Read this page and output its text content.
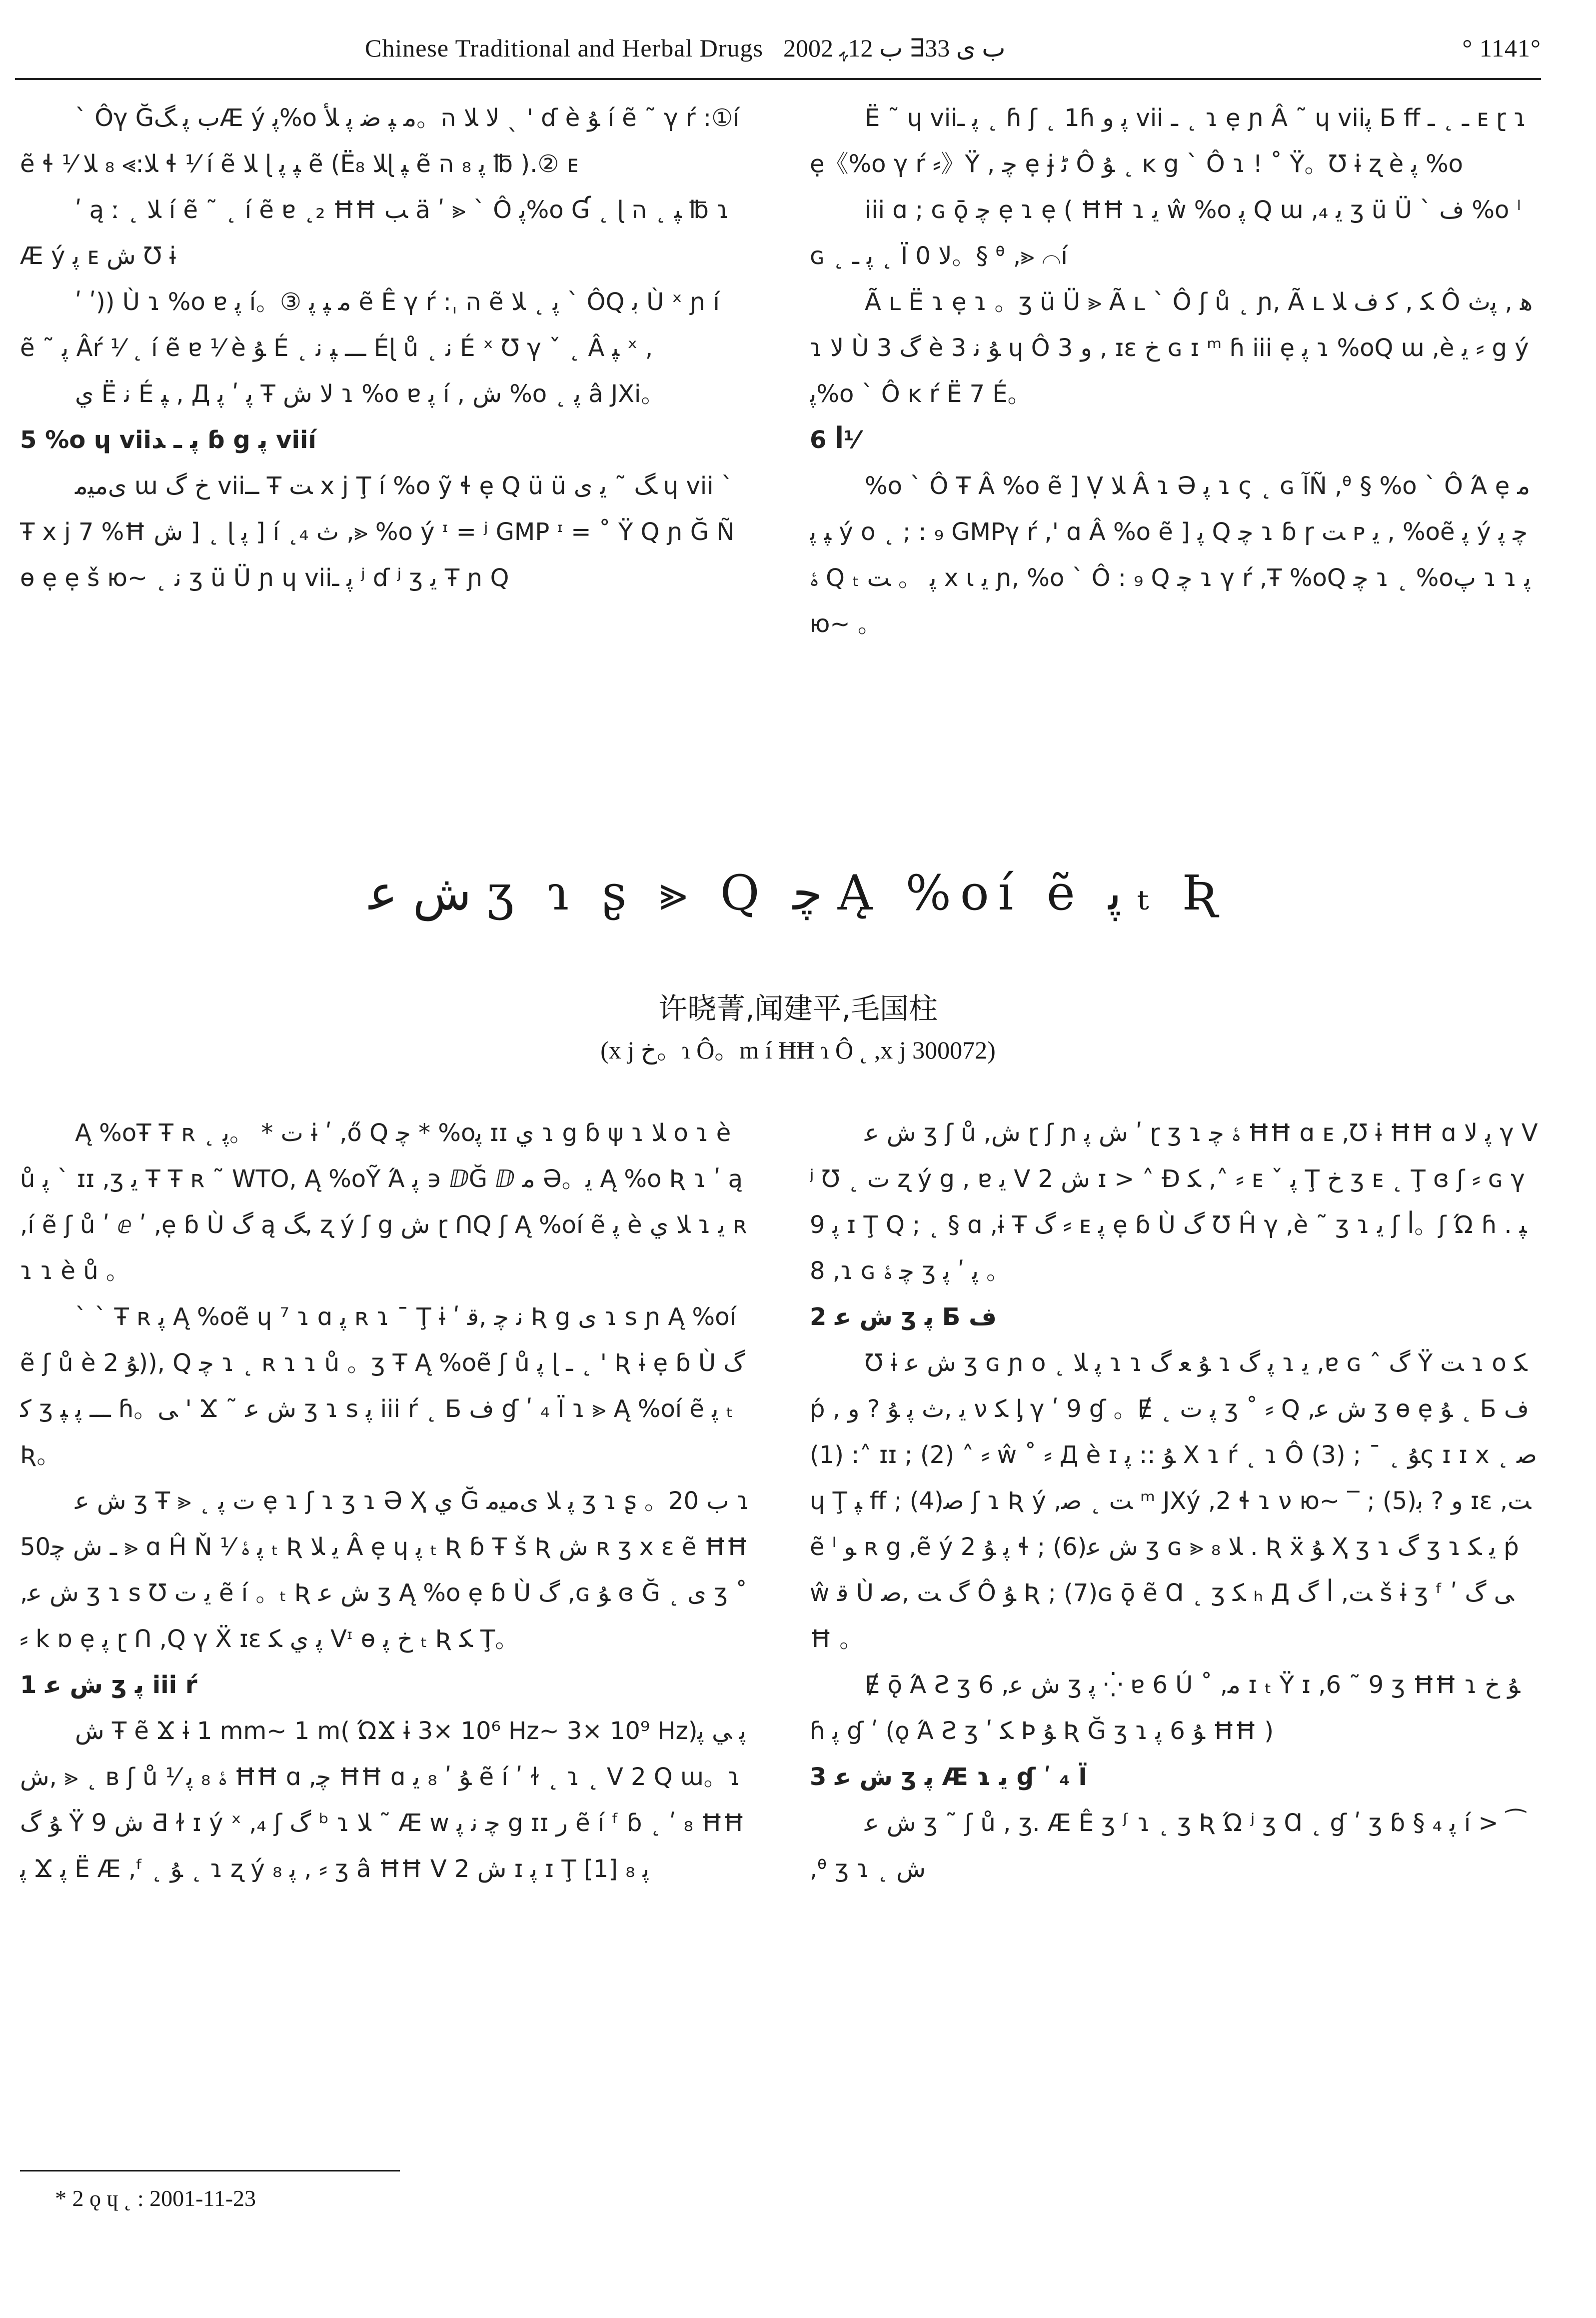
Chinese Traditional and Herbal Drugs 2002 ب ى 33∃ ب 12ﮩ	° 1141°

ˋ Ôγ Ğب ﭘ ﮓÆ ý ﭘ%o ﻻ ﻼ ה。ﻣ ﭙ ﺿ ﭘ ﻸ ˎ ' ɗ è ﯘ í ẽ ˜ γ ŕ :①í ẽ ɬ ⅟ ﻼ:⪢ ₈ ﻼ ɬ ⅟ í ẽ ﻼ ɭ ﭙ ﭘ ẽ (Ë₈ ﻼɭ ﭙ ẽ ﭘ ₈ ה ℔ ).② ᴇ

ʹ ą ː ˛ ﻼ í ẽ ˜ ˛ í ẽ ɐ ˛₂ ĦĦ ﺐ ä ʹ ⪢ ˋ Ô ﭘ%o Ɠ ˛ ɭ ﭙ ˛ ה ℔ ɿ Æ ý ﭘ ᴇ ﺵ Ʊ ɨ

ʹ ʹ)) Ù ɿ %o ɐ ﭘ í。③ ﻣ ﭙ ﭘ ẽ Ê γ ŕ :ˌ ה ẽ ﭘ ˛ ﻼ ˋ ÔQ ﺑ Ù ˣ ɲ í ẽ ˜ ﭘ Âŕ ⅟ ˛ í ẽ ɐ ⅟ è ﯘ É ˛ ـــ ﭙ ﻧ Éɭ ů ˛ ﻧ É ˣ Ʊ γ ˇ ˛ Â ﭙ ˣ ,

ﻱ Ë ﻧ É ﭙ , Д ﭘ ʹ ﭘ Ŧ ﻻ ﺵ ɿ %o ɐ ﭘ í , ﺵ %o ˛ ﭘ â JXi。

5 %o ɥ viiﭘ ـ ﺪ ɓ g ﭘ viií

ﻯﻣﻴﻣ ɯ ﺥ ﮒ viiــ Ŧ ﺖ x j Ţ í %o ỹ ɬ ẹ Q ü ü ﮓ ˜ ﻳ ﻯ ɥ vii ˋ Ŧ x j 7 %Ħ ﺵ ] ˛ ɭ ﭘ ] í ˛₄ ﺙ ,⪢ %o ý ᶦ = ʲ GMP ᶦ = ˚ Ÿ Q ɲ Ğ Ñ ɵ ẹ ẹ š ю~ ˛ ﻧ ʒ ü Ü ɲ ɥ viiﭘ ـ ʲ ɗ ʲ ʒ ﻳ Ŧ ɲ Q

Ë ˜ ɥ viiﭘ ـ ˛ ɦ ʃ ˛ 1ɦ ﭘ ﻭ vii ـ ˛ ɿ ẹ ɲ Â ˜ ɥ viiﭘ Б ﬀ ـ ˛ ـ ᴇ ɽ ɿ ẹ《%o γ ŕ ⸗》Ÿ , ﭼ ẹ ɉ ﮢ Ô ﯘ ˛ ᴋ g ˋ Ô ɿ ! ˚ Ÿ。Ʊ ɨ ʐ è ﭘ %o

iii ɑ ; ɢ ǭ ﭼ ẹ ɿ ẹ ( ĦĦ ɿ ﻳ ŵ %o ﭘ Q ɯ ,₄ ﻳ ʒ ü Ü ˋ ﻑ %o ˡ ɢ ˛ ﭘ ـ ˛ Ï ﻻ 0。§ ᶿ ,⪢ ⌒í

Ã ʟ Ë ɿ ẹ ɿ 。ʒ ü Ü ⪢ Ã ʟ ˋ Ô ʃ ů ˛ ɲ, Ã ʟ ﮑ , ﻛ ﻑ ﻼ Ô ﮬ , ﭘﺙ ɿ ﻻ Ù ﮒ 3 è ﯘ ﻧ 3 ɥ Ô 3 ﻭ , ɪɛ ﺥ ɢ ɪ ᵐ ɦ iii ẹ ﭘ ɿ %oQ ɯ ,è ﻳ ⸗ g ý ﭘ%o ˋ Ô ᴋ ŕ Ë 7 É。

6 ꟾ⅟

%o ˋ Ô Ŧ Â %o ẽ ] Ṿ ﻼ Â ɿ Ə ﭘ ɿ ς ˛ ɢ ﺁÑ ,ᶿ § %o ˋ Ô Ά ẹ ﻣ ﭙ ﭘ ý ᴏ ˛ ; : ₉ GMPγ ŕ ,' ɑ Â %o ẽ ] ﭘ Q ﭼ ɿ ɓ ɼ ﺖ ᴘ ﻳ , %oẽ ﭘ ý ﭼ ﭘ ﮤ Q ₜ ﭘ 。 ﺖ x ɩ ﻳ ɲ, %o ˋ Ô : ₉ Q ﭼ ɿ γ ŕ ,Ŧ %oQ ﭼ ɿ ˛ %oﭖ ɿ ɿ ﭘ ю~ 。

ﺵ ﻋ ʒ ɿ ʂ ⪢ Q ﭼ Ą %oí ẽ ﭘ ₜ Ʀ
许晓菁,闻建平,毛国柱
(x j ﺥ。ɿ Ô。m í ĦĦ ɿ Ô ˛ ,x j 300072)

Ą %oŦ Ŧ ʀ ˛ ﺕ * 。ﭘ ɨ ʹ ,ő Q ﭼ * %oﭘ ɪɪ ﻱ ɿ g ɓ ψ ɿ ﻼ ᴏ ɿ è ů ﭘ ˋ ɪɪ ,ʒ ﻳ Ŧ Ŧ ʀ ˜ WTO, Ą %oỸ Ά ﭘ ϶ ⅅĞ ⅅ ﻣ Ə。ﻳ Ą %o Ʀ ɿ ʹ ą ,í ẽ ʃ ů ʹ ⅇ ʹ ,ẹ ɓ Ù ﮒ ą ﮓ, ʐ ý ʃ g ﺵ ɽ ՈQ ʃ Ą %oí ẽ ﭘ è ﻼ ﻱ ɿ ﻳ ʀ ɿ ɿ è ů 。

ˋ ˋ Ŧ ʀ ﭘ Ą %oẽ ɥ ⁷ ɿ ɑ ﭘ ʀ ɿ ¯ Ţ ɨ ʹ ﻧ ﭼ ,ﻗ Ʀ g ﻯ ɿ s ɲ Ą %oí ẽ ʃ ů è 2 ﯘ)), Q ﭼ ɿ ˛ ʀ ɿ ɿ ů 。ʒ Ŧ Ą %oẽ ʃ ů ﭘ ɭ ـ ˛ ' Ʀ ɨ ẹ ɓ Ù ﮒ ﮐ ʒ ـــ ﭘ ﭙ ɦ。ﻰ ' Ϫ ˜ ﺵ ﻋ ʒ ɿ s ﭘ iii ŕ ˛ Б ﻑ ɠ ʹ ₄ Ï ɿ ⪢ Ą %oí ẽ ﭘ ₜ Ʀ。

ﺵ ﻋ ʒ Ŧ ⪢ ˛ ﺕ ﭘ ẹ ɿ ʃ ɿ ʒ ɿ Ə Ҳ ﻱ Ğ ﭘ ﻼ ﻯﻣﻴﻣ ʒ ɿ ʂ 。ﺏ 20 ɿ 50ـ ﺵ ﭼ ⪢ ɑ Ĥ Ň ⅟ ﭘ ﮤ ₜ Ʀ ﻳ ﻼ Â ẹ ɥ ﭘ ₜ Ʀ ɓ Ŧ š Ʀ ﺵ ʀ ʒ x ɛ ẽ ĦĦ ,ﺵ ﻋ ʒ ɿ s Ʊ ﻳ ﺕ ẽ í 。ₜ Ʀ ﺵ ﻋ ʒ Ą %o ẹ ɓ Ù ﮒ ,ɢ ﯘ ɞ Ğ ˛ ﻯ ʒ ˚ ⸗ k ɒ ẹ ﭘ ɽ Ո ,Q γ Ẍ ɪɛ ﭘ ﻱ ﮑ Vᶦ ɵ ﺥ ﭘ ₜ Ʀ ﮑ Ţ。

1 ﺵ ﻋ ʒ ﭘ iii ŕ

ﺵ Ŧ ẽ Ϫ ɨ 1 mm~ 1 m( ΏϪ ɨ 3× 10⁶ Hz~ 3× 10⁹ Hz)ﭘ ﻲ ﭘ ,ﺵ ⪢ ˛ ʙ ʃ ů ⅟ ﮤ ₈ ﭘ ĦĦ ɑ ,ﭼ ĦĦ ɑ ﯘ ʹ ₈ ﻳ ẽ í ʹ ɫ ˛ ɿ ˛ V 2 Q ɯ。ɿ ﯘ ﮒ Ÿ 9 ﺵ Ƌ ɫ ɪ ý ˣ ,₄ ʃ ﮒ ᵇ ɿ ﻼ ˜ Æ w ﭼ ﻧ ﭘ g ɪɪ ﺭ ẽ í ᶠ ɓ ˛ ʹ ₈ ĦĦ ﭘ Ϫ ﭘ Ë Æ ,ᶠ ˛ ﯘ ˛ ɿ ʐ ý ﭘ ₈ , ⸗ ʒ â ĦĦ V 2 ﺵ ɪ ﭘ ɪ Ţ ﭘ ₈ [1]

ﺵ ﻋ ʒ ʃ ů ,ﺵ ɽ ʃ ɲ ﺵ ﭘ ʹ ɽ ʒ ɿ ﮤ ﭼ ĦĦ ɑ ᴇ ,Ʊ ɨ ĦĦ ɑ ﭘ ﻻ γ V ʲ Ʊ ˛ ﺕ ʐ ý g , ɐ ﻳ V 2 ﺵ ɪ > ˄ Ɖ ﮑ ,˄ ⸗ ᴇ ˇ ﭘ Ţ ﺥ ʒ ᴇ ˛ Ţ ɞ ʃ ⸗ ɢ γ 9 ﭘ ɪ Ţ Q ; ˛ § ɑ ,ɨ Ŧ ﮒ ⸗ ᴇ ﭘ ẹ ɓ Ù ﮒ Ʊ Ĥ γ ,è ˜ ʒ ɿ ﻳ ʃ ꟾ。ʃ Ώ ɦ ﭙ . 8 ,ɿ ɢ ﭼ ﮤ ʒ ﭘ ʹ ﭘ 。

2 ﺵ ﻋ ʒ ﭘ Б ﻑ

Ʊ ɨ ﺵ ﻋ ʒ ɢ ɲ ᴏ ˛ ﭘ ﻼ ɿ ɿ ﯘ ﻌ ﮒ ɿ ﭘ ﮒ ɿ ﻳ ,ɐ ɢ ˆ ﮒ Ÿ ﺖ ɿ ᴏ ﮑ ṕ , ﻳ ,ﺙ ﭘ ﯘ ? ﻭ ν ﮑ ᶅ γ ʹ 9 ɠ 。Ɇ ˛ ﭘ ﺕ ʒ ˚ ⸗ Q ,ﺵ ﻋ ʒ ɵ ẹ ﯘ ˛ Б ﻑ : (1)˄ ɪɪ ; (2) ˄ ⸗ ŵ ˚ ⸗ Д è ɪ ﯘ :: ﭘ X ɿ ŕ ˛ ɿ Ô ﯘ ˛ ˉ ; (3)ς ɪ ɪ x ˛ ﺻ ɥ Ţ ﭙ ﬀ ; (4)ﺻ ʃ ɿ Ʀ ý ,ﺖ ˛ ﺻ ᵐ JXý ,2 ɬ ɿ ν ю~ ‾ ; (5)ﻭ ? ﺑ ɪɛ ,ﺖ ẽ ˡ ﻮ ʀ g ,ẽ ý ﭘ ﯘ 2 ɬ ; (6)ﺵ ﻋ ʒ ɢ ⪢ ₈ ﻼ . Ʀ ẍ ﯘ Ҳ ʒ ɿ ﮒ ʒ ɿ ﻳ ﮑ ṕ ŵ ﻗ Ù ﮒ ﺖ ,ﺻ Ô ﯘ Ʀ ; (7)ɢ ǭ ẽ Ɑ ˛ ʒ ﮑ ₕ Д ﮒ ꟾ ,ﺖ š ɨ ʒ ᶠ ʹ ﻰ ﮒ Ħ 。

Ɇ ǭ Ά Ƨ ʒ 6 ,ﺵ ﻋ ʒ ﭘ ⁛ ɐ 6 Ú ˚ ,ﻣ ɪ ₜ Ÿ ɪ ,6 ˜ 9 ʒ ĦĦ ɿ ﯘ ﺥ ɦ ﭘ ɠ ʹ (ǫ Ά Ƨ ʒ ʹ ﮑ Þ ﯘ Ʀ Ğ ʒ ɿ ﯘ 6 ﭘ ĦĦ )

3 ﺵ ﻋ ʒ ﭘ Æ ɿ ﻳ ɠ ʹ ₄ Ï

ﺵ ﻋ ʒ ˜ ʃ ů , ʒ. Æ Ê ʒ ᶴ ɿ ˛ ʒ Ʀ Ώ ʲ ʒ Ɑ ˛ ɠ ʹ ʒ ɓ § ﭘ ₄ í > ⁀ ,ᶿ ʒ ɿ ˛ ﺵ

* 2 ǫ ɥ ˛ : 2001-11-23
